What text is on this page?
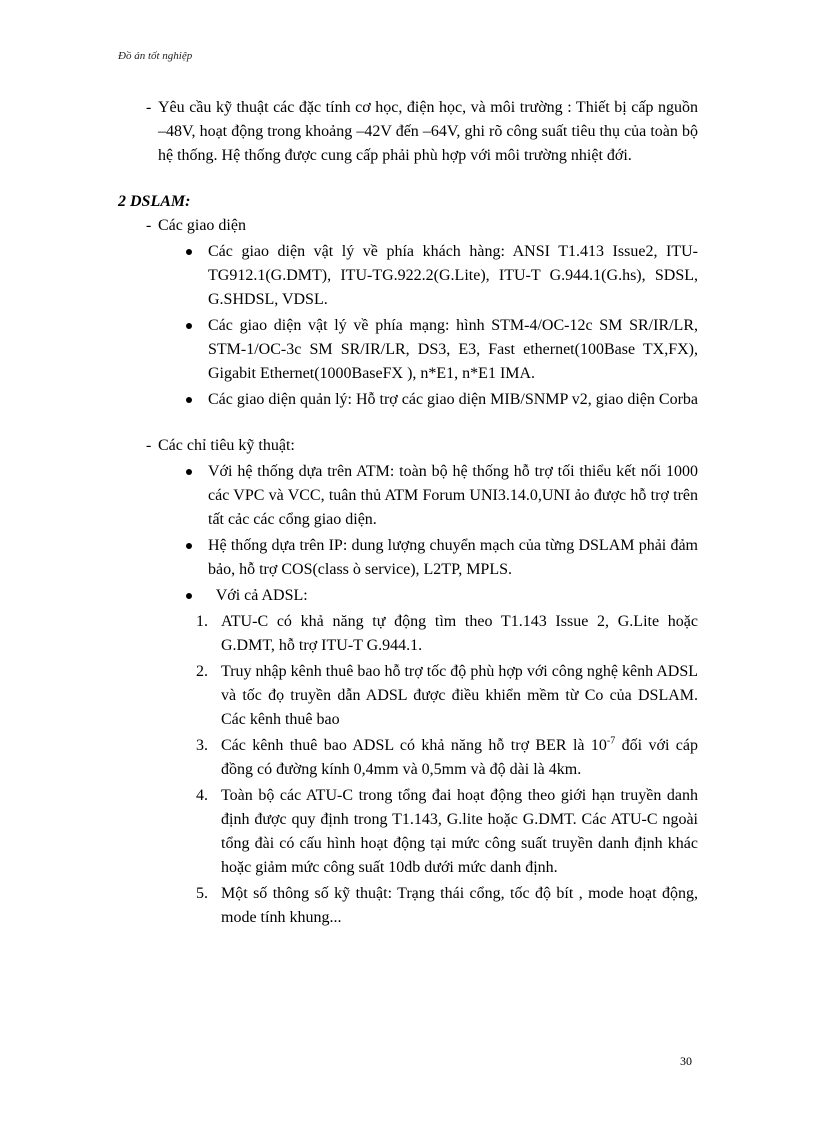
Đồ án tốt nghiệp
- Yêu cầu kỹ thuật các đặc tính cơ học, điện học, và môi trường : Thiết bị cấp nguồn –48V, hoạt động trong khoảng –42V đến –64V, ghi rõ công suất tiêu thụ của toàn bộ hệ thống. Hệ thống được cung cấp phải phù hợp với môi trường nhiệt đới.
2 DSLAM:
- Các giao diện
Các giao diện vật lý về phía khách hàng: ANSI T1.413 Issue2, ITU-TG912.1(G.DMT), ITU-TG.922.2(G.Lite), ITU-T G.944.1(G.hs), SDSL, G.SHDSL, VDSL.
Các giao diện vật lý về phía mạng: hình STM-4/OC-12c SM SR/IR/LR, STM-1/OC-3c SM SR/IR/LR, DS3, E3, Fast ethernet(100Base TX,FX), Gigabit Ethernet(1000BaseFX ), n*E1, n*E1 IMA.
Các giao diện quản lý: Hỗ trợ các giao diện MIB/SNMP v2, giao diện Corba
- Các chỉ tiêu kỹ thuật:
Với hệ thống dựa trên ATM: toàn bộ hệ thống hỗ trợ tối thiểu kết nối 1000 các VPC và VCC, tuân thủ ATM Forum UNI3.14.0,UNI ảo được hỗ trợ trên tất cảc các cổng giao diện.
Hệ thống dựa trên IP: dung lượng chuyển mạch của từng DSLAM phải đảm bảo, hỗ trợ COS(class ò service), L2TP, MPLS.
Với cả ADSL:
1. ATU-C có khả năng tự động tìm theo T1.143 Issue 2, G.Lite hoặc G.DMT, hỗ trợ ITU-T G.944.1.
2. Truy nhập kênh thuê bao hỗ trợ tốc độ phù hợp với công nghệ kênh ADSL và tốc đọ truyền dẫn ADSL được điều khiển mềm từ Co của DSLAM. Các kênh thuê bao
3. Các kênh thuê bao ADSL có khả năng hỗ trợ BER là $10^{-7}$ đối với cáp đồng có đường kính 0,4mm và 0,5mm và độ dài là 4km.
4. Toàn bộ các ATU-C trong tổng đai hoạt động theo giới hạn truyền danh định được quy định trong T1.143, G.lite hoặc G.DMT. Các ATU-C ngoài tổng đài có cấu hình hoạt động tại mức công suất truyền danh định khác hoặc giảm mức công suất 10db dưới mức danh định.
5. Một số thông số kỹ thuật: Trạng thái cổng, tốc độ bít , mode hoạt động, mode tính khung...
30
